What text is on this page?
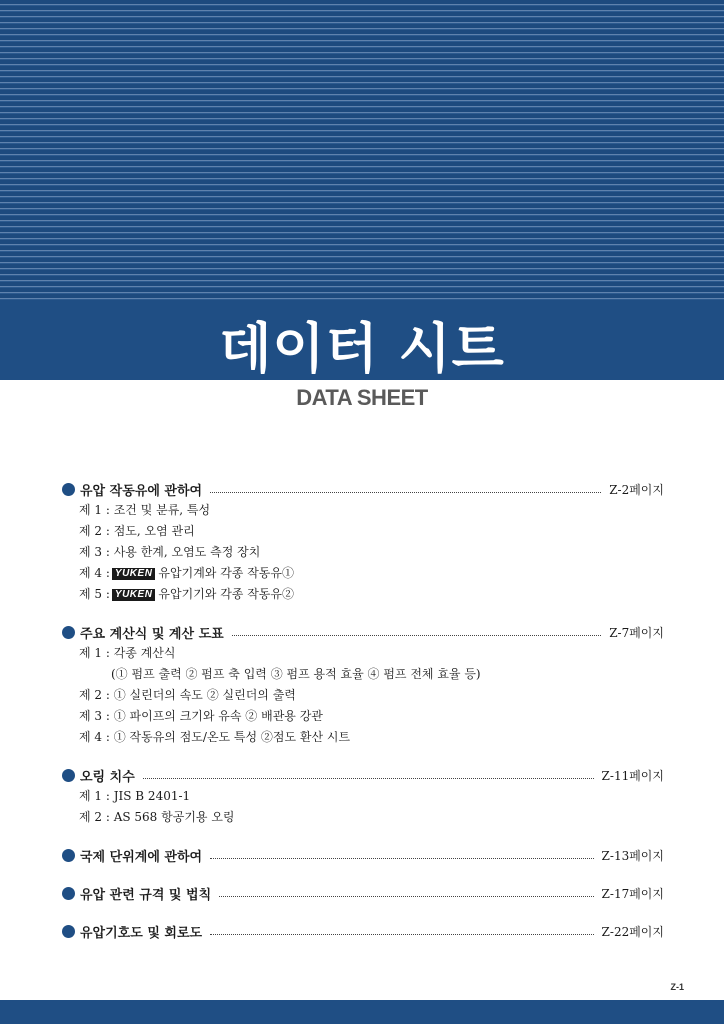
데이터 시트
DATA SHEET
유압 작동유에 관하여	Z-2페이지
제 1 : 조건 및 분류, 특성
제 2 : 점도, 오염 관리
제 3 : 사용 한계, 오염도 측정 장치
제 4 : YUKEN 유압기계와 각종 작동유①
제 5 : YUKEN 유압기기와 각종 작동유②
주요 계산식 및 계산 도표	Z-7페이지
제 1 : 각종 계산식
(① 펌프 출력 ② 펌프 축 입력 ③ 펌프 용적 효율 ④ 펌프 전체 효율 등)
제 2 : ① 실린더의 속도 ② 실린더의 출력
제 3 : ① 파이프의 크기와 유속 ② 배관용 강관
제 4 : ① 작동유의 점도/온도 특성 ②점도 환산 시트
오링 치수	Z-11페이지
제 1 : JIS B 2401-1
제 2 : AS 568 항공기용 오링
국제 단위계에 관하여	Z-13페이지
유압 관련 규격 및 법칙	Z-17페이지
유압기호도 및 회로도	Z-22페이지
Z-1
